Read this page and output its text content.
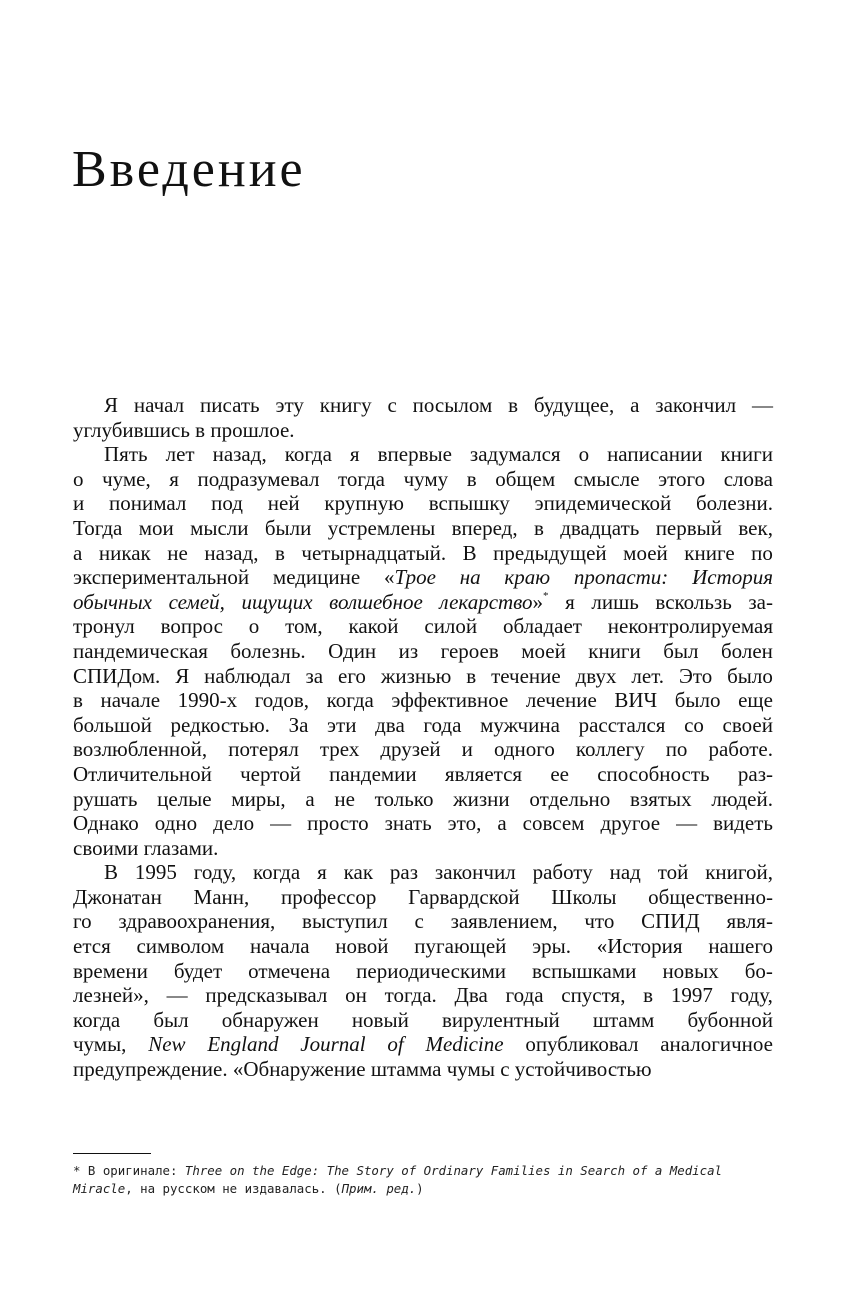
Введение
Я начал писать эту книгу с посылом в будущее, а закончил —
углубившись в прошлое.
Пять лет назад, когда я впервые задумался о написании книги
о чуме, я подразумевал тогда чуму в общем смысле этого слова
и понимал под ней крупную вспышку эпидемической болезни.
Тогда мои мысли были устремлены вперед, в двадцать первый век,
а никак не назад, в четырнадцатый. В предыдущей моей книге по
экспериментальной медицине «Трое на краю пропасти: История
обычных семей, ищущих волшебное лекарство»* я лишь вскользь за-
тронул вопрос о том, какой силой обладает неконтролируемая
пандемическая болезнь. Один из героев моей книги был болен
СПИДом. Я наблюдал за его жизнью в течение двух лет. Это было
в начале 1990-х годов, когда эффективное лечение ВИЧ было еще
большой редкостью. За эти два года мужчина расстался со своей
возлюбленной, потерял трех друзей и одного коллегу по работе.
Отличительной чертой пандемии является ее способность раз-
рушать целые миры, а не только жизни отдельно взятых людей.
Однако одно дело — просто знать это, а совсем другое — видеть
своими глазами.
В 1995 году, когда я как раз закончил работу над той книгой,
Джонатан Манн, профессор Гарвардской Школы общественно-
го здравоохранения, выступил с заявлением, что СПИД явля-
ется символом начала новой пугающей эры. «История нашего
времени будет отмечена периодическими вспышками новых бо-
лезней», — предсказывал он тогда. Два года спустя, в 1997 году,
когда был обнаружен новый вирулентный штамм бубонной
чумы, New England Journal of Medicine опубликовал аналогичное
предупреждение. «Обнаружение штамма чумы с устойчивостью
* В оригинале: Three on the Edge: The Story of Ordinary Families in Search of a Medical
Miracle, на русском не издавалась. (Прим. ред.)
